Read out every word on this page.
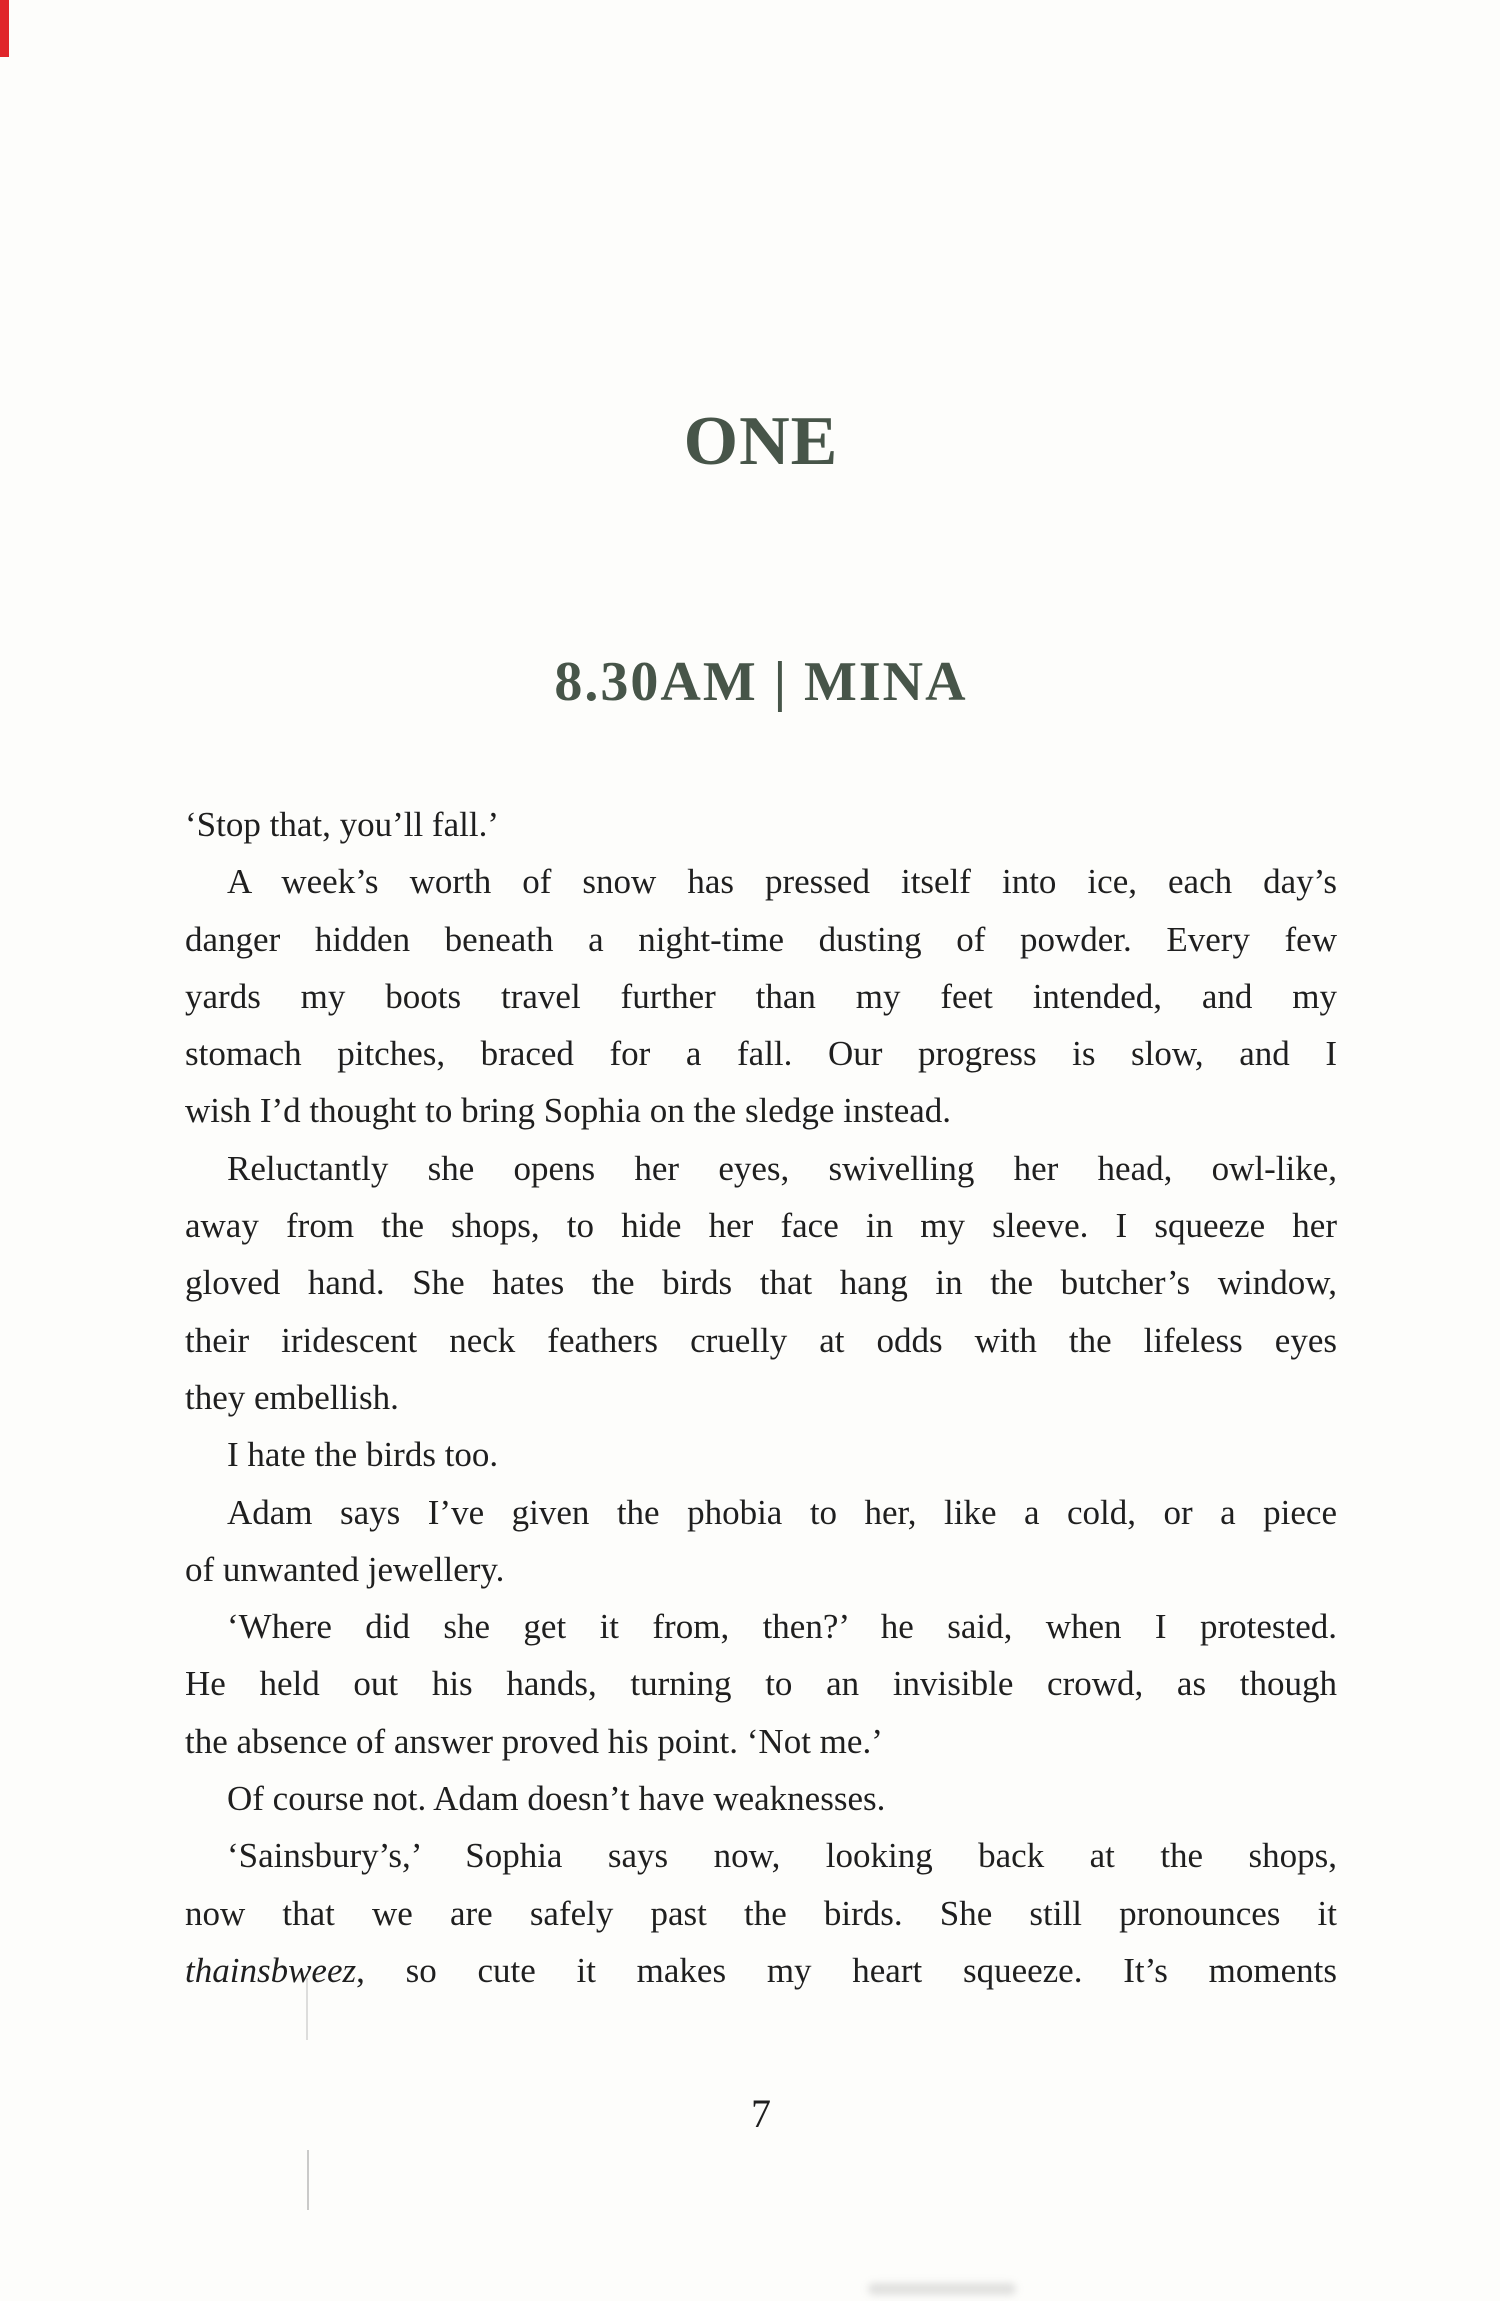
ONE
8.30AM | MINA
‘Stop that, you’ll fall.’
A week’s worth of snow has pressed itself into ice, each day’s
danger hidden beneath a night-time dusting of powder. Every few
yards my boots travel further than my feet intended, and my
stomach pitches, braced for a fall. Our progress is slow, and I
wish I’d thought to bring Sophia on the sledge instead.
Reluctantly she opens her eyes, swivelling her head, owl-like,
away from the shops, to hide her face in my sleeve. I squeeze her
gloved hand. She hates the birds that hang in the butcher’s window,
their iridescent neck feathers cruelly at odds with the lifeless eyes
they embellish.
I hate the birds too.
Adam says I’ve given the phobia to her, like a cold, or a piece
of unwanted jewellery.
‘Where did she get it from, then?’ he said, when I protested.
He held out his hands, turning to an invisible crowd, as though
the absence of answer proved his point. ‘Not me.’
Of course not. Adam doesn’t have weaknesses.
‘Sainsbury’s,’ Sophia says now, looking back at the shops,
now that we are safely past the birds. She still pronounces it
thainsbweez, so cute it makes my heart squeeze. It’s moments
7
